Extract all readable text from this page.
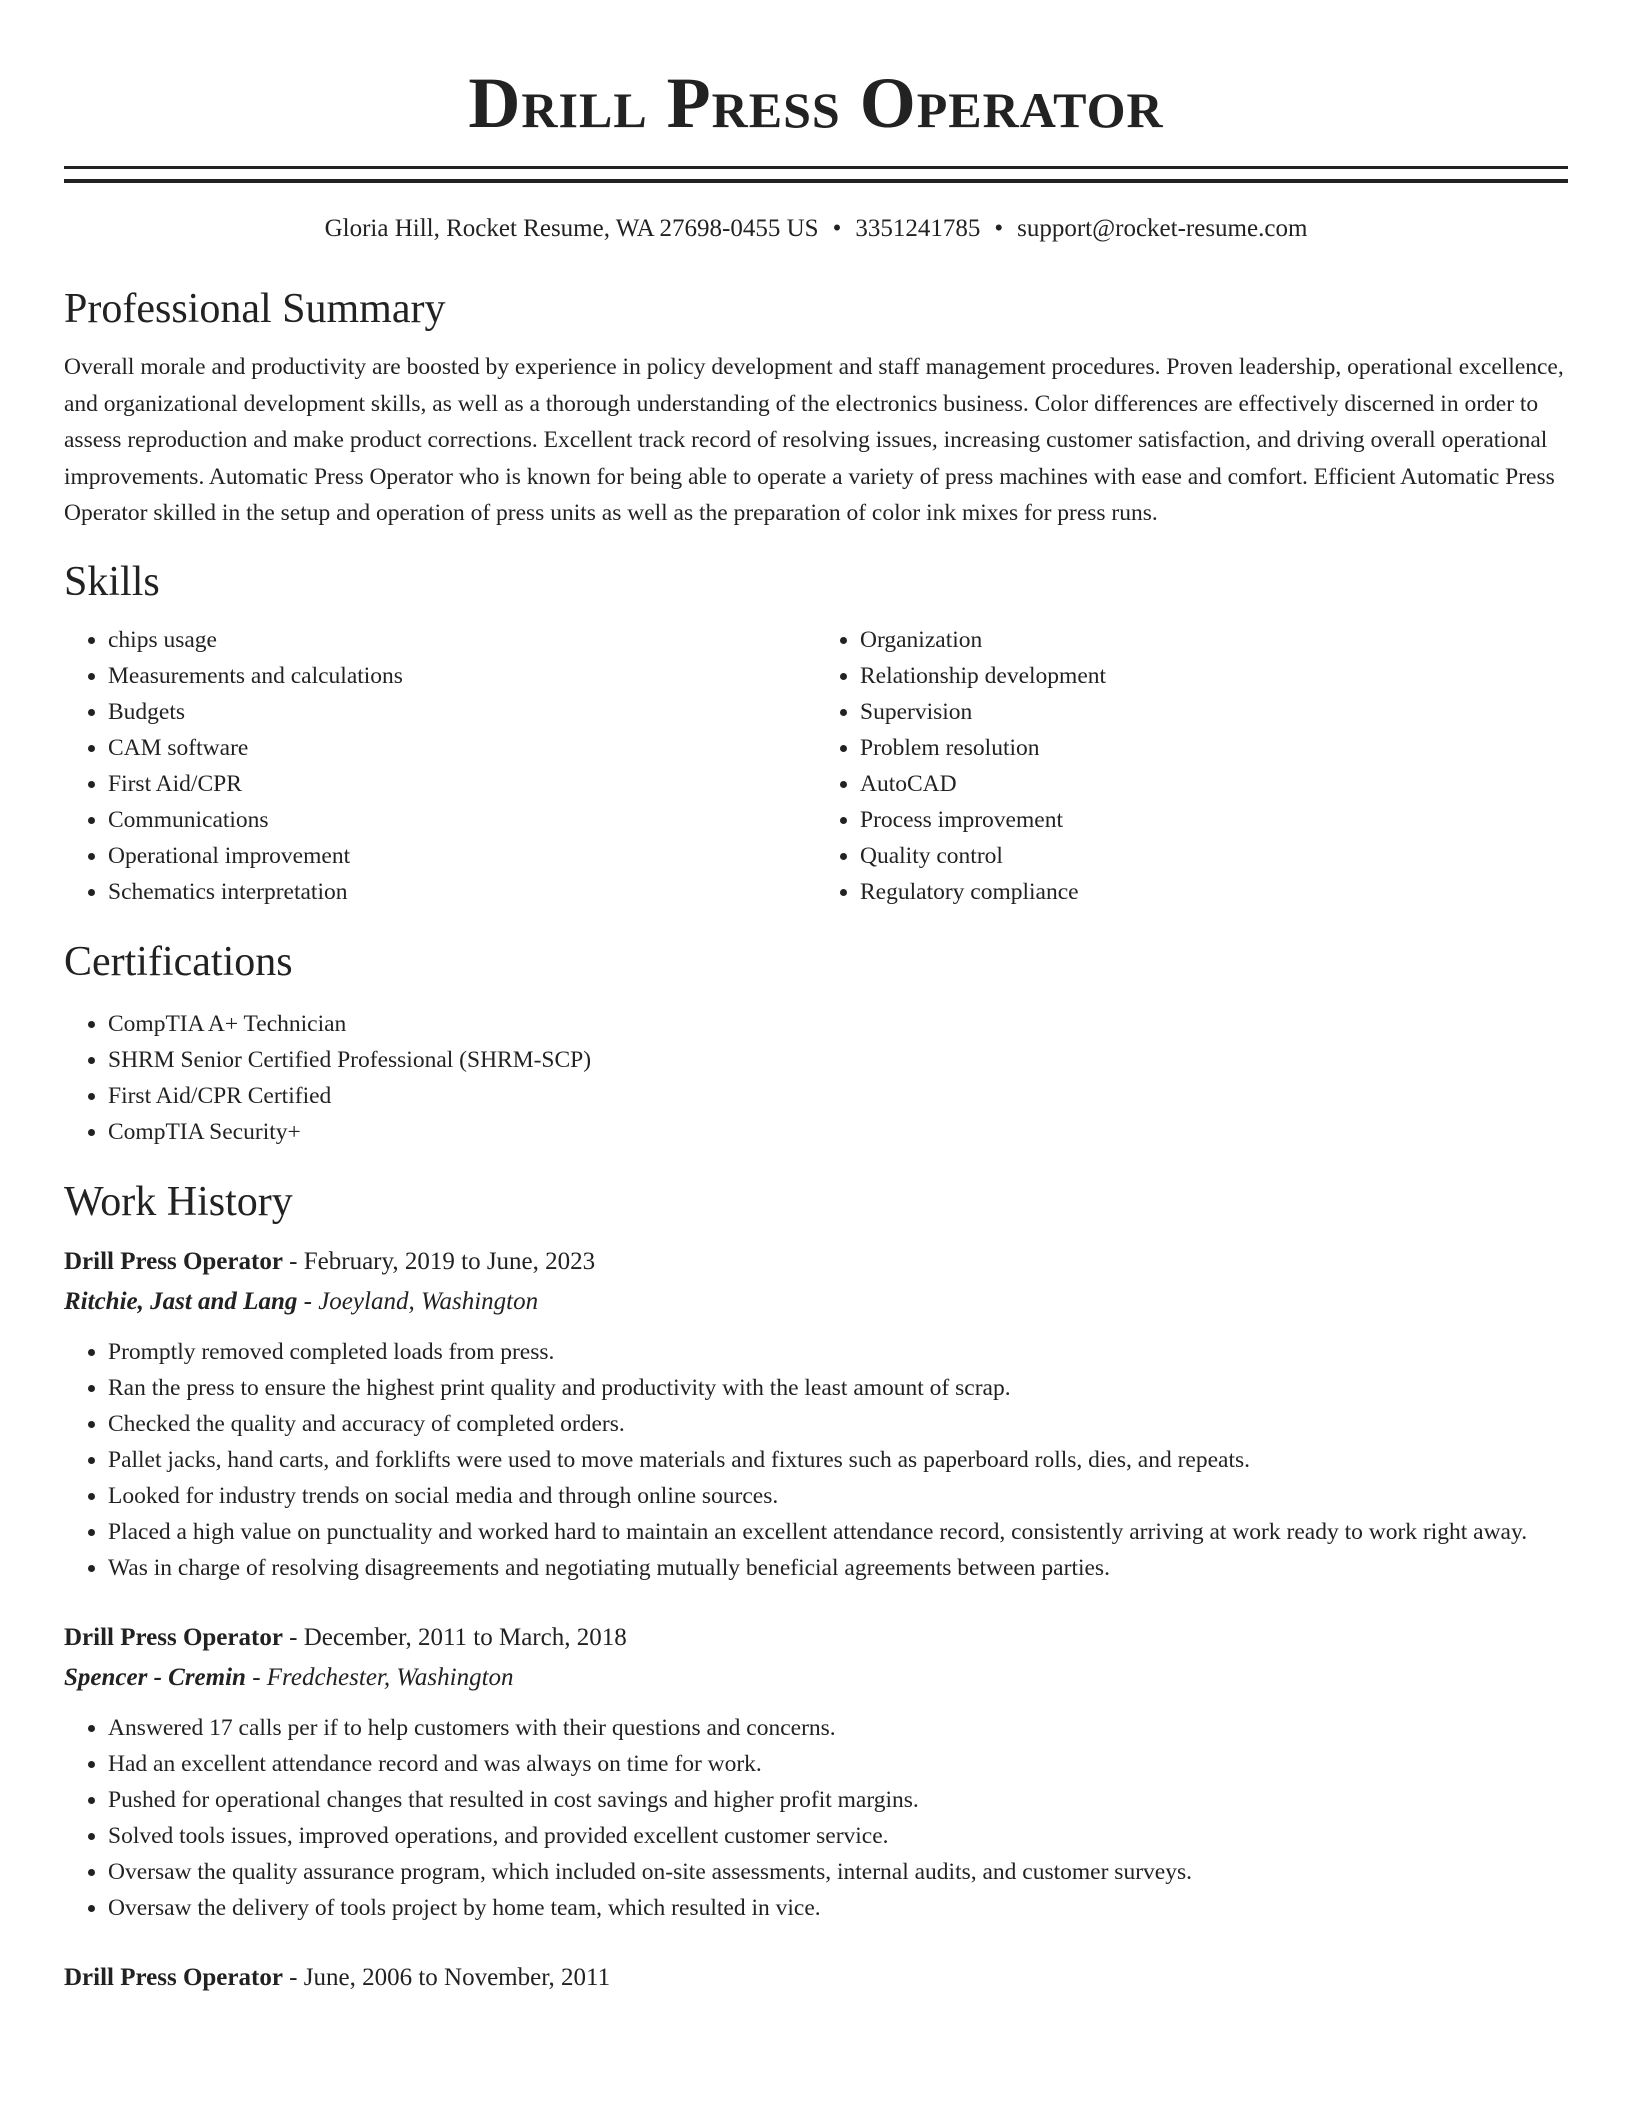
Drill Press Operator
Gloria Hill, Rocket Resume, WA 27698-0455 US • 3351241785 • support@rocket-resume.com
Professional Summary

Overall morale and productivity are boosted by experience in policy development and staff management procedures. Proven leadership, operational excellence, and organizational development skills, as well as a thorough understanding of the electronics business. Color differences are effectively discerned in order to assess reproduction and make product corrections. Excellent track record of resolving issues, increasing customer satisfaction, and driving overall operational improvements. Automatic Press Operator who is known for being able to operate a variety of press machines with ease and comfort. Efficient Automatic Press Operator skilled in the setup and operation of press units as well as the preparation of color ink mixes for press runs.

Skills
• chips usage
• Measurements and calculations
• Budgets
• CAM software
• First Aid/CPR
• Communications
• Operational improvement
• Schematics interpretation
• Organization
• Relationship development
• Supervision
• Problem resolution
• AutoCAD
• Process improvement
• Quality control
• Regulatory compliance
Certifications
• CompTIA A+ Technician
• SHRM Senior Certified Professional (SHRM-SCP)
• First Aid/CPR Certified
• CompTIA Security+
Work History
Drill Press Operator - February, 2019 to June, 2023
Ritchie, Jast and Lang - Joeyland, Washington
• Promptly removed completed loads from press.
• Ran the press to ensure the highest print quality and productivity with the least amount of scrap.
• Checked the quality and accuracy of completed orders.
• Pallet jacks, hand carts, and forklifts were used to move materials and fixtures such as paperboard rolls, dies, and repeats.
• Looked for industry trends on social media and through online sources.
• Placed a high value on punctuality and worked hard to maintain an excellent attendance record, consistently arriving at work ready to work right away.
• Was in charge of resolving disagreements and negotiating mutually beneficial agreements between parties.
Drill Press Operator - December, 2011 to March, 2018
Spencer - Cremin - Fredchester, Washington
• Answered 17 calls per if to help customers with their questions and concerns.
• Had an excellent attendance record and was always on time for work.
• Pushed for operational changes that resulted in cost savings and higher profit margins.
• Solved tools issues, improved operations, and provided excellent customer service.
• Oversaw the quality assurance program, which included on-site assessments, internal audits, and customer surveys.
• Oversaw the delivery of tools project by home team, which resulted in vice.
Drill Press Operator - June, 2006 to November, 2011
